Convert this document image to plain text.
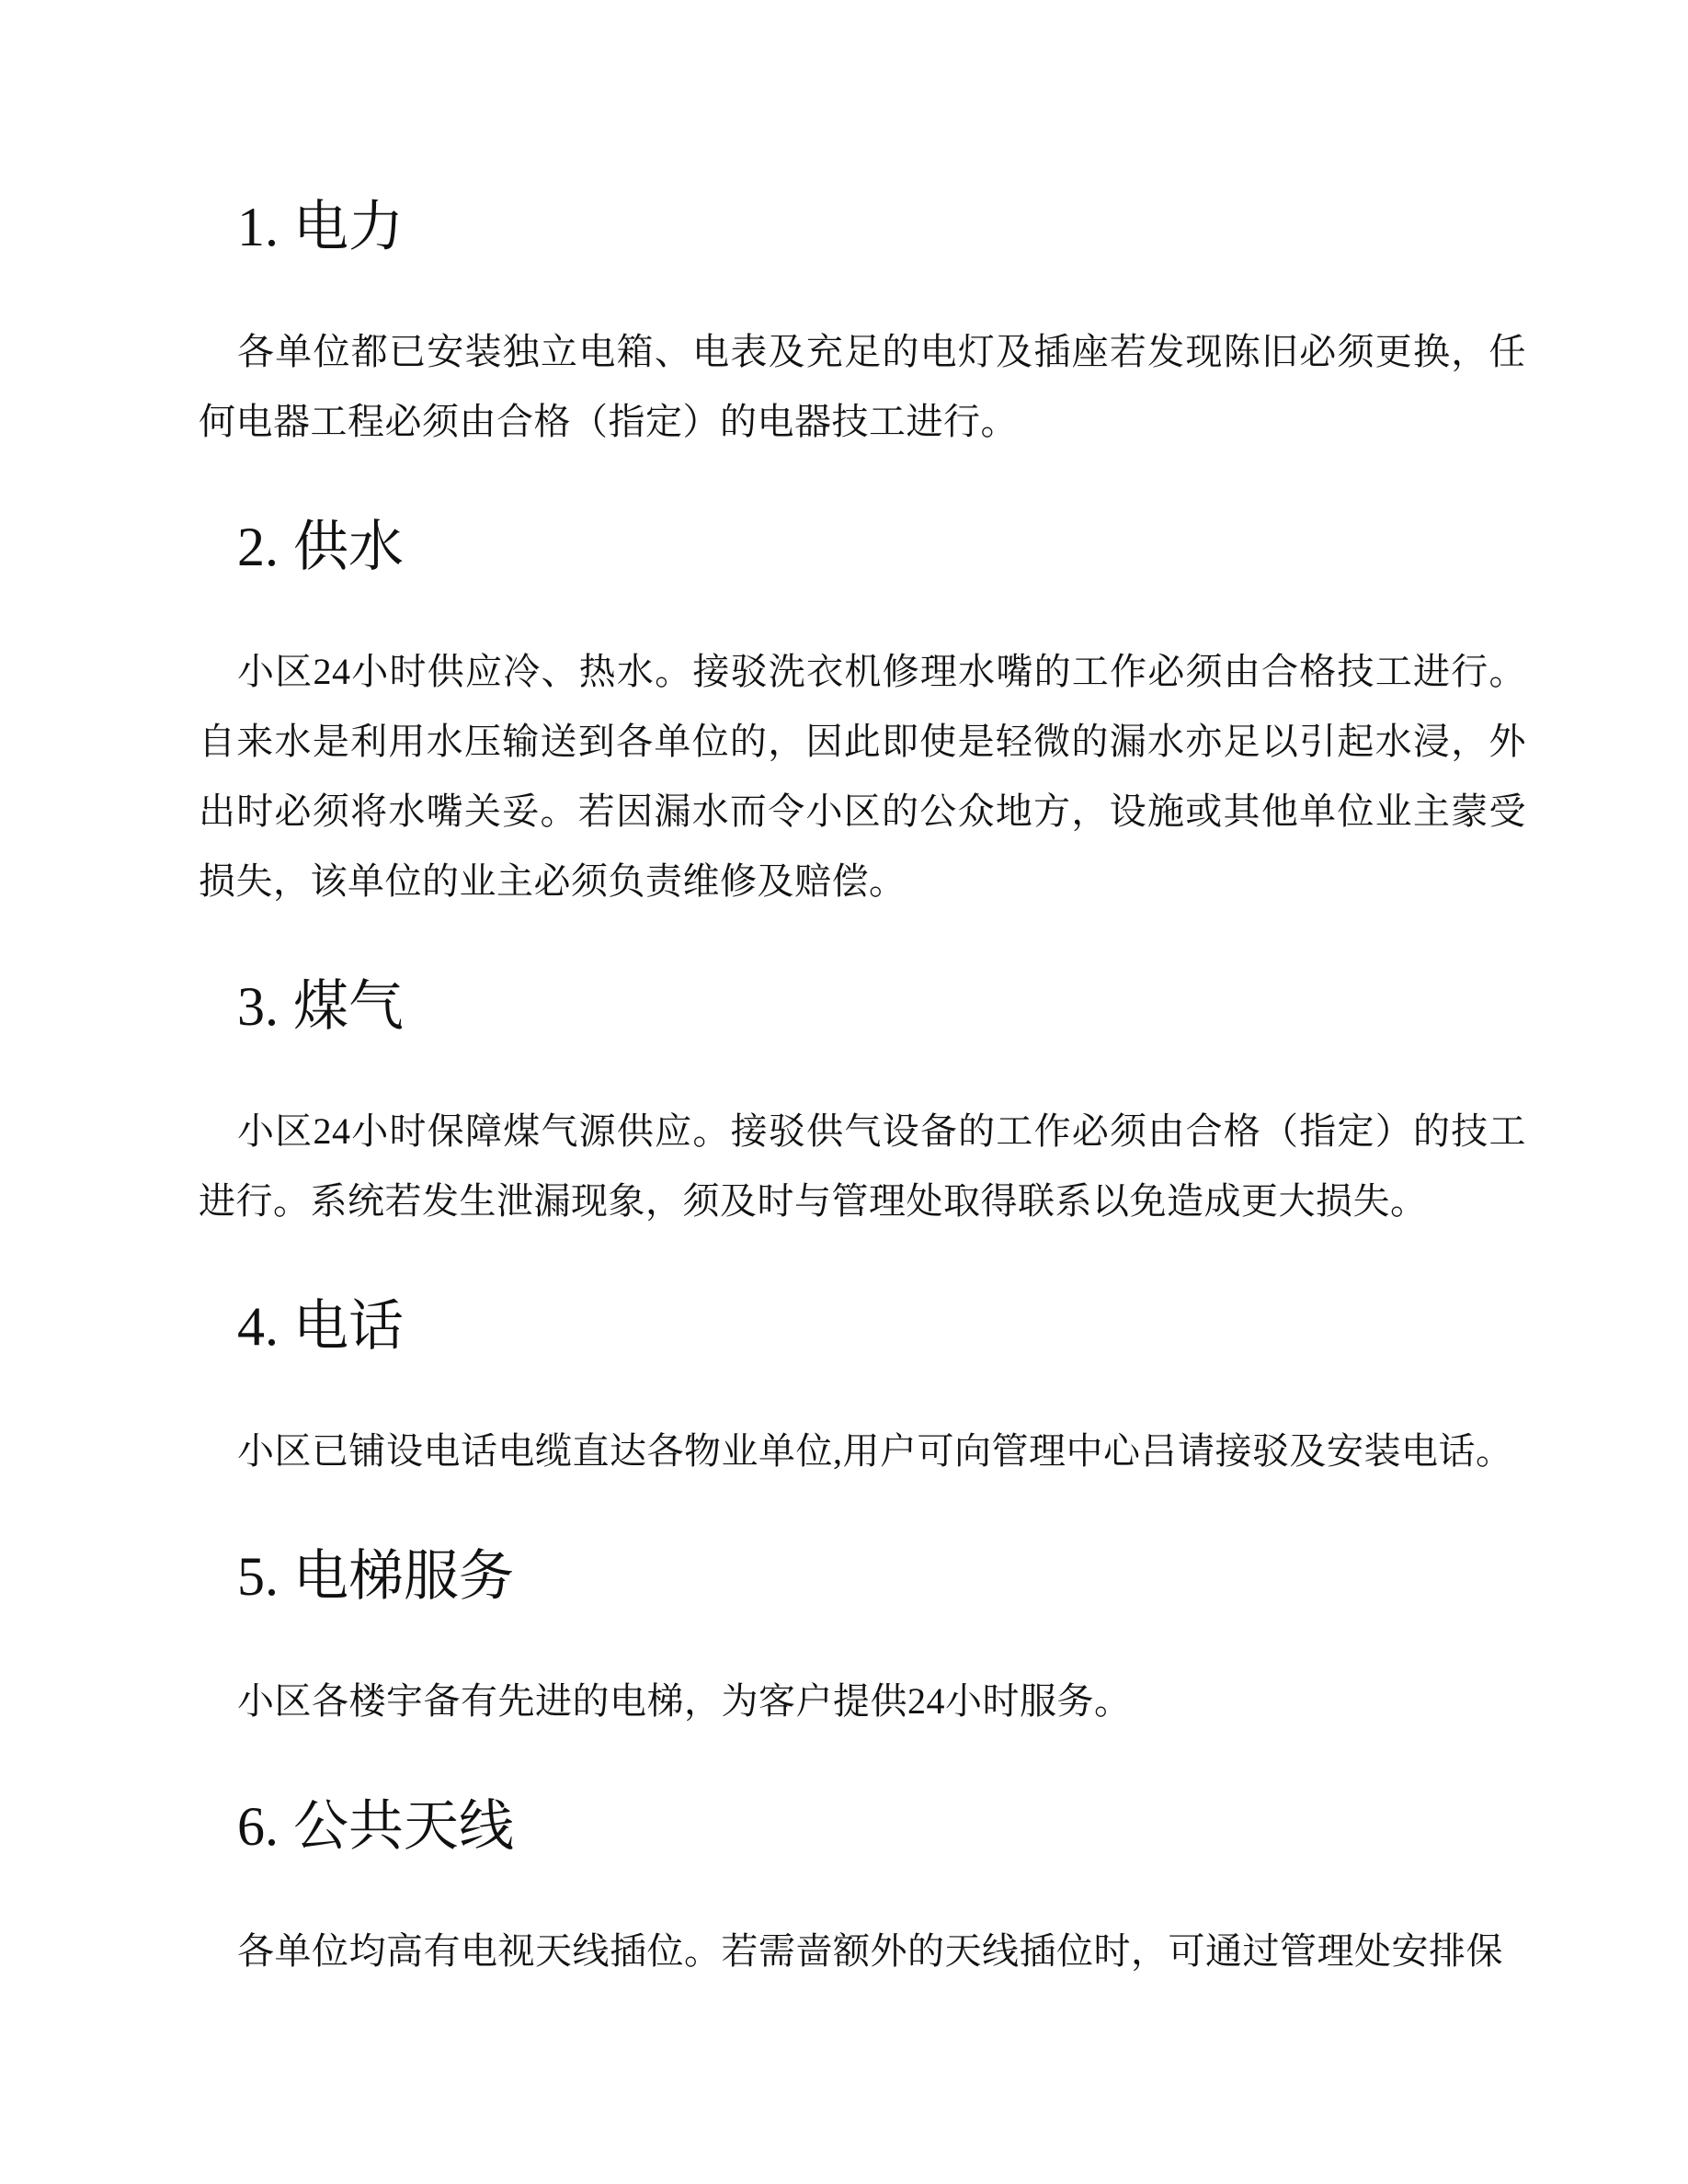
1. 电力

各单位都已安装独立电箱、电表及充足的电灯及插座若发现陈旧必须更换，任何电器工程必须由合格（指定）的电器技工进行。

2. 供水

小区24小时供应冷、热水。接驳洗衣机修理水嘴的工作必须由合格技工进行。自来水是利用水压输送到各单位的，因此即使是轻微的漏水亦足以引起水浸，外出时必须将水嘴关妥。若因漏水而令小区的公众地方，设施或其他单位业主蒙受损失，该单位的业主必须负责维修及赔偿。

3. 煤气

小区24小时保障煤气源供应。接驳供气设备的工作必须由合格（指定）的技工进行。系统若发生泄漏现象，须及时与管理处取得联系以免造成更大损失。

4. 电话

小区已铺设电话电缆直达各物业单位,用户可向管理中心吕请接驳及安装电话。

5. 电梯服务

小区各楼宇备有先进的电梯，为客户提供24小时服务。

6. 公共天线

各单位均高有电视天线插位。若需啬额外的天线插位时，可通过管理处安排保
